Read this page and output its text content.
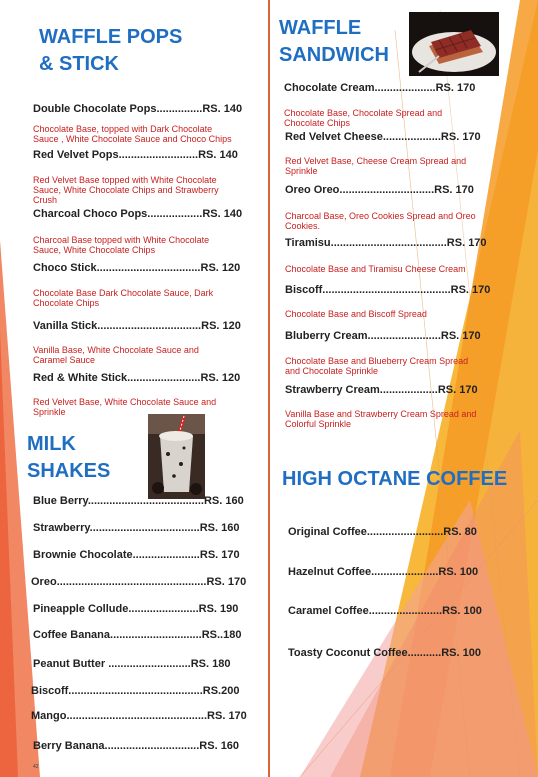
WAFFLE POPS
& STICK
Double Chocolate Pops...............RS. 140
Chocolate Base, topped with Dark Chocolate
Sauce , White Chocolate Sauce and Choco Chips
Red Velvet Pops..........................RS. 140
Red Velvet Base topped with White Chocolate
Sauce, White Chocolate Chips and Strawberry
Crush
Charcoal Choco Pops..................RS. 140
Charcoal Base topped with White Chocolate
Sauce, White Chocolate Chips
Choco Stick..................................RS. 120
Chocolate Base Dark Chocolate Sauce, Dark
Chocolate Chips
Vanilla Stick..................................RS. 120
Vanilla Base, White Chocolate Sauce and
Caramel Sauce
Red & White Stick........................RS. 120
Red Velvet Base, White Chocolate Sauce and
Sprinkle
MILK
SHAKES
Blue Berry......................................RS. 160
Strawberry....................................RS. 160
Brownie Chocolate......................RS. 170
Oreo.................................................RS. 170
Pineapple Collude.......................RS. 190
Coffee Banana..............................RS..180
Peanut Butter ...........................RS. 180
Biscoff............................................RS.200
Mango..............................................RS. 170
Berry Banana...............................RS. 160
WAFFLE
SANDWICH
Chocolate Cream....................RS. 170
Chocolate Base, Chocolate Spread and
Chocolate Chips
Red Velvet Cheese...................RS. 170
Red Velvet Base, Cheese Cream Spread and
Sprinkle
Oreo Oreo...............................RS. 170
Charcoal Base, Oreo Cookies Spread and Oreo
Cookies.
Tiramisu......................................RS. 170
Chocolate Base and Tiramisu Cheese Cream
Biscoff..........................................RS. 170
Chocolate Base and Biscoff Spread
Bluberry Cream........................RS. 170
Chocolate Base and Blueberry Cream Spread
and Chocolate Sprinkle
Strawberry Cream...................RS. 170
Vanilla Base and Strawberry Cream Spread and
Colorful Sprinkle
HIGH OCTANE COFFEE
Original Coffee.........................RS. 80
Hazelnut Coffee......................RS. 100
Caramel Coffee........................RS. 100
Toasty Coconut Coffee...........RS. 100
42
